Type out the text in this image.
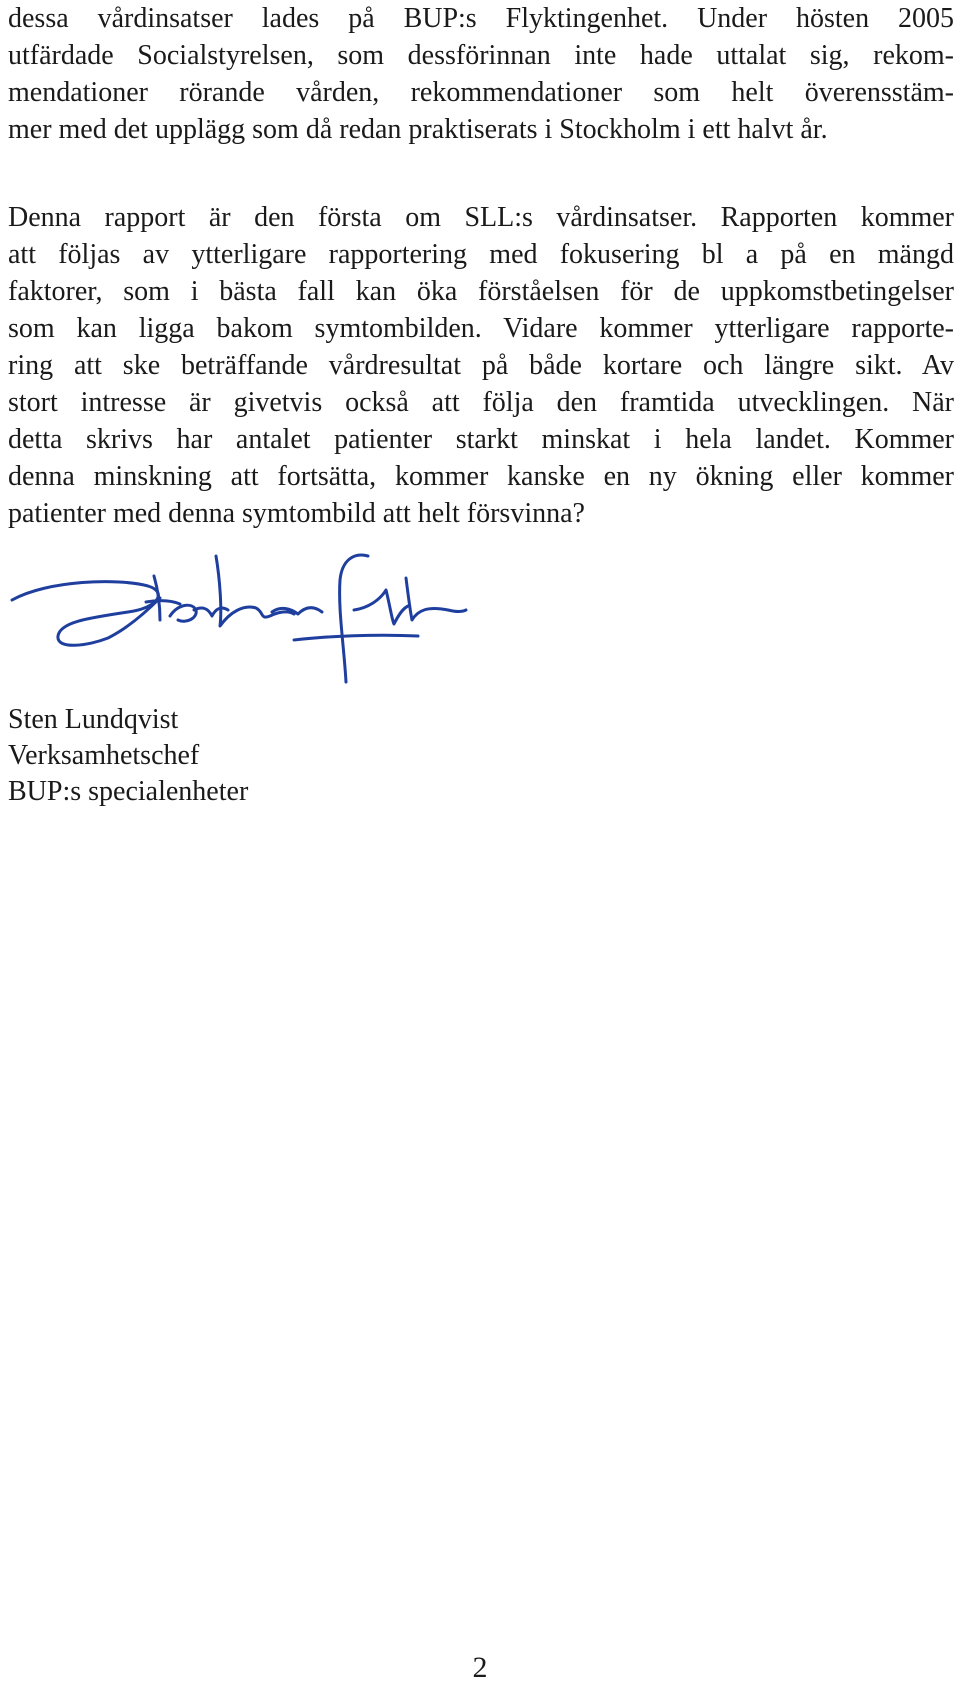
dessa vårdinsatser lades på BUP:s Flyktingenhet. Under hösten 2005
utfärdade Socialstyrelsen, som dessförinnan inte hade uttalat sig, rekom-
mendationer rörande vården, rekommendationer som helt överensstäm-
mer med det upplägg som då redan praktiserats i Stockholm i ett halvt år.

Denna rapport är den första om SLL:s vårdinsatser. Rapporten kommer
att följas av ytterligare rapportering med fokusering bl a på en mängd
faktorer, som i bästa fall kan öka förståelsen för de uppkomstbetingelser
som kan ligga bakom symtombilden. Vidare kommer ytterligare rapporte-
ring att ske beträffande vårdresultat på både kortare och längre sikt. Av
stort intresse är givetvis också att följa den framtida utvecklingen. När
detta skrivs har antalet patienter starkt minskat i hela landet. Kommer
denna minskning att fortsätta, kommer kanske en ny ökning eller kommer
patienter med denna symtombild att helt försvinna?

Sten Lundqvist
Verksamhetschef
BUP:s specialenheter
2
